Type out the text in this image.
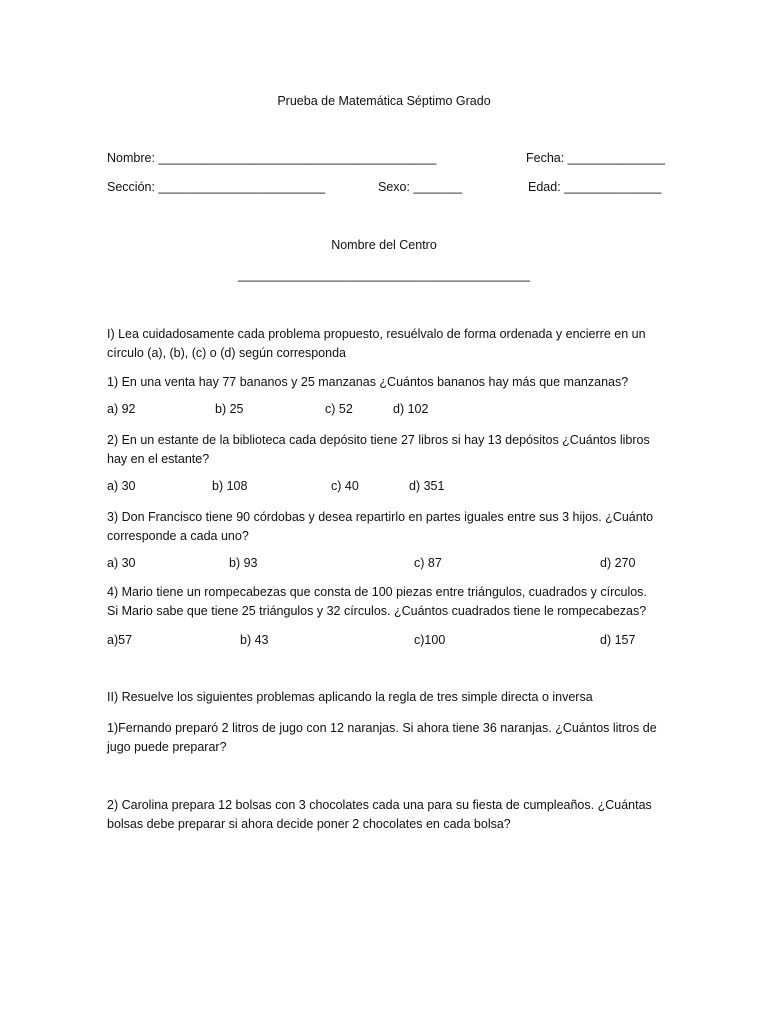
Prueba de Matemática Séptimo Grado
Nombre: ________________________________________	Fecha: ______________
Sección: ________________________	Sexo: _______	Edad: ______________
Nombre del Centro
__________________________________________
I) Lea cuidadosamente cada problema propuesto, resuélvalo de forma ordenada y encierre en un círculo (a), (b), (c) o (d) según corresponda
1) En una venta hay 77 bananos y 25 manzanas ¿Cuántos bananos hay más que manzanas?
a) 92	b) 25	c) 52	d) 102
2) En un estante de la biblioteca cada depósito tiene 27 libros si hay 13 depósitos ¿Cuántos libros hay en el estante?
a) 30	b) 108	c) 40	d) 351
3) Don Francisco tiene 90 córdobas y desea repartirlo en partes iguales entre sus 3 hijos. ¿Cuánto corresponde a cada uno?
a) 30	b) 93	c) 87	d) 270
4) Mario tiene un rompecabezas que consta de 100 piezas entre triángulos, cuadrados y círculos.
Si Mario sabe que tiene 25 triángulos y 32 círculos. ¿Cuántos cuadrados tiene le rompecabezas?
a)57	b) 43	c)100	d) 157
II) Resuelve los siguientes problemas aplicando la regla de tres simple directa o inversa
1)Fernando preparó 2 litros de jugo con 12 naranjas. Si ahora tiene 36 naranjas. ¿Cuántos litros de jugo puede preparar?
2) Carolina prepara 12 bolsas con 3 chocolates cada una para su fiesta de cumpleaños. ¿Cuántas bolsas debe preparar si ahora decide poner 2 chocolates en cada bolsa?
